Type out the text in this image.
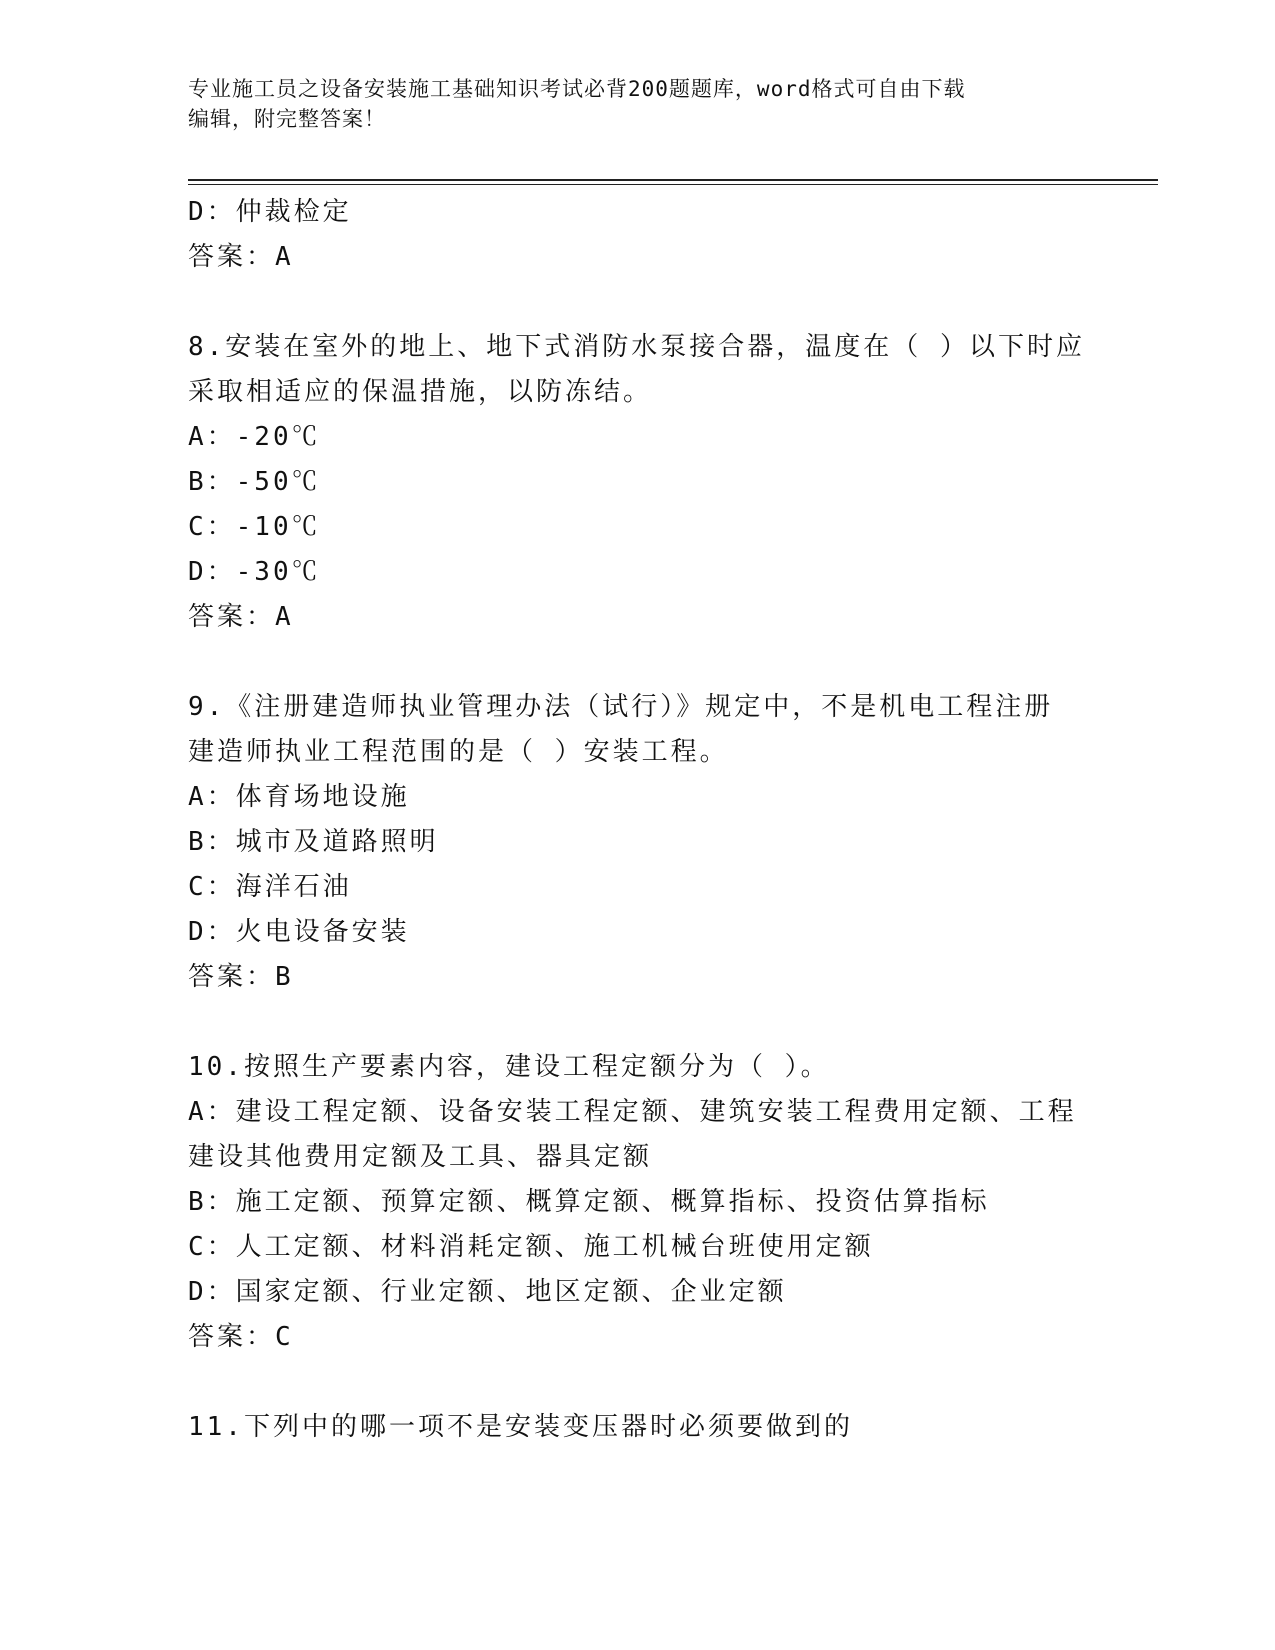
专业施工员之设备安装施工基础知识考试必背200题题库，word格式可自由下载
编辑，附完整答案！
D：仲裁检定
答案：A
8.安装在室外的地上、地下式消防水泵接合器，温度在（ ）以下时应
采取相适应的保温措施，以防冻结。
A：-20℃
B：-50℃
C：-10℃
D：-30℃
答案：A
9.《注册建造师执业管理办法（试行）》规定中，不是机电工程注册
建造师执业工程范围的是（ ）安装工程。
A：体育场地设施
B：城市及道路照明
C：海洋石油
D：火电设备安装
答案：B
10.按照生产要素内容，建设工程定额分为（ ）。
A：建设工程定额、设备安装工程定额、建筑安装工程费用定额、工程
建设其他费用定额及工具、器具定额
B：施工定额、预算定额、概算定额、概算指标、投资估算指标
C：人工定额、材料消耗定额、施工机械台班使用定额
D：国家定额、行业定额、地区定额、企业定额
答案：C
11.下列中的哪一项不是安装变压器时必须要做到的
